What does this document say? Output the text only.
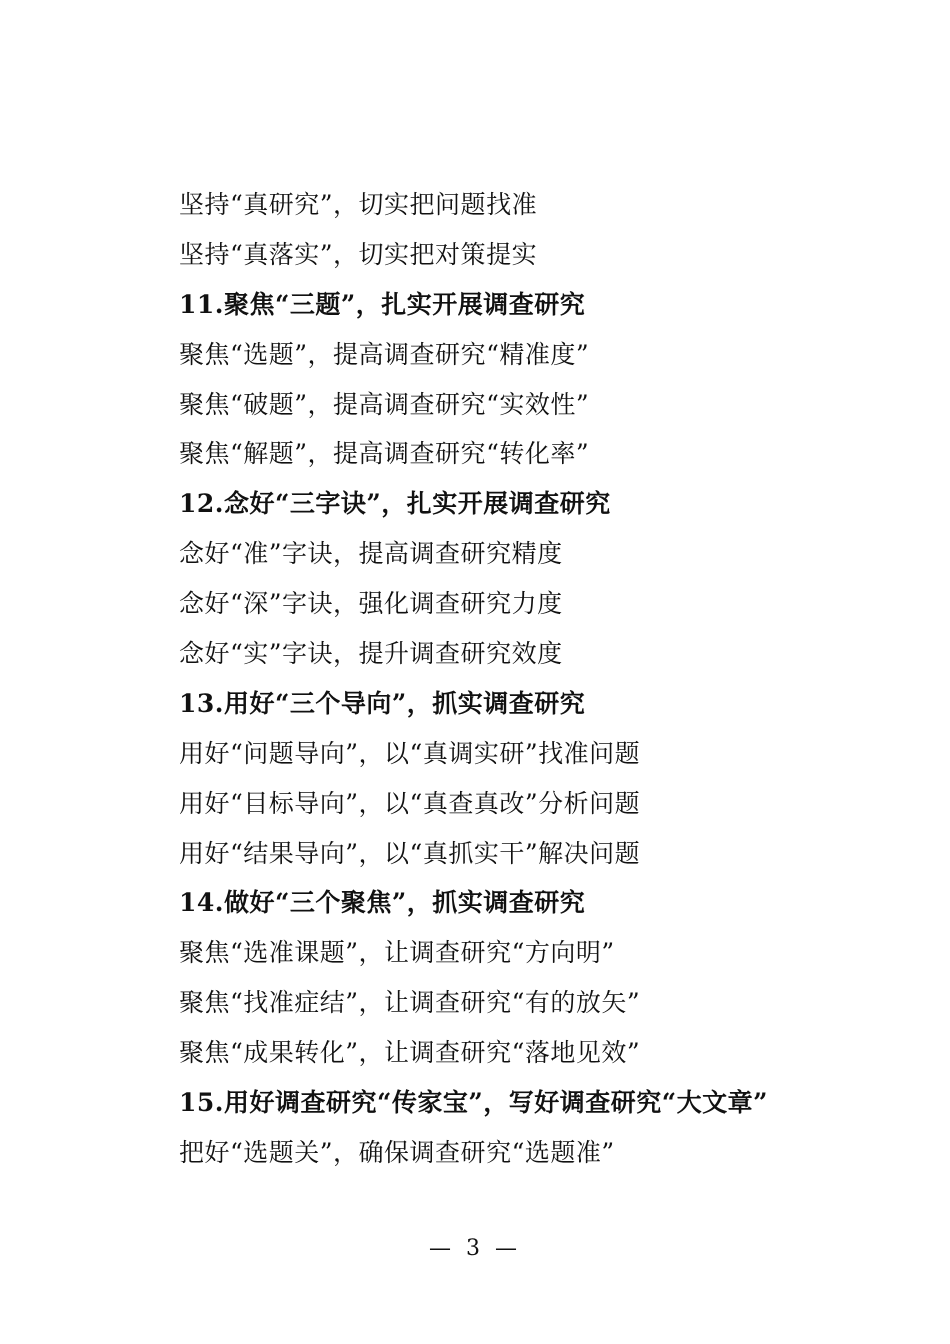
坚持“真研究”，切实把问题找准
坚持“真落实”，切实把对策提实
11.聚焦“三题”，扎实开展调查研究
聚焦“选题”，提高调查研究“精准度”
聚焦“破题”，提高调查研究“实效性”
聚焦“解题”，提高调查研究“转化率”
12.念好“三字诀”，扎实开展调查研究
念好“准”字诀，提高调查研究精度
念好“深”字诀，强化调查研究力度
念好“实”字诀，提升调查研究效度
13.用好“三个导向”，抓实调查研究
用好“问题导向”，以“真调实研”找准问题
用好“目标导向”，以“真查真改”分析问题
用好“结果导向”，以“真抓实干”解决问题
14.做好“三个聚焦”，抓实调查研究
聚焦“选准课题”，让调查研究“方向明”
聚焦“找准症结”，让调查研究“有的放矢”
聚焦“成果转化”，让调查研究“落地见效”
15.用好调查研究“传家宝”，写好调查研究“大文章”
把好“选题关”，确保调查研究“选题准”
— 3 —
